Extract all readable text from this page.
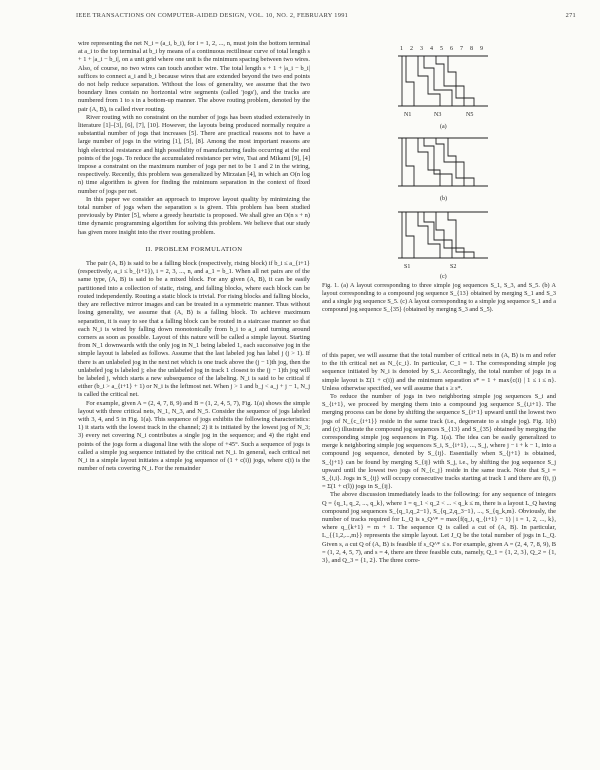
IEEE TRANSACTIONS ON COMPUTER-AIDED DESIGN, VOL. 10, NO. 2, FEBRUARY 1991	271

wire representing the net N_i = (a_i, b_i), for i = 1, 2, ..., n, must join the bottom terminal at a_i to the top terminal at b_i by means of a continuous rectilinear curve of total length s + 1 + |a_i − b_i|, on a unit grid where one unit is the minimum spacing between two wires. Also, of course, no two wires can touch another wire. The total length s + 1 + |a_i − b_i| suffices to connect a_i and b_i because wires that are extended beyond the two end points do not help reduce separation. Without the loss of generality, we assume that the two boundary lines contain no horizontal wire segments (called 'jogs'), and the tracks are numbered from 1 to s in a bottom-up manner. The above routing problem, denoted by the pair (A, B), is called river routing.

River routing with no constraint on the number of jogs has been studied extensively in literature [1]–[3], [6], [7], [10]. However, the layouts being produced normally require a substantial number of jogs that increases [5]. There are practical reasons not to have a large number of jogs in the wiring [1], [5], [8]. Among the most important reasons are high electrical resistance and high possibility of manufacturing faults occurring at the end points of the jogs. To reduce the accumulated resistance per wire, Tsai and Mikami [9], [4] impose a constraint on the maximum number of jogs per net to be 1 and 2 in the wiring, respectively. Recently, this problem was generalized by Mirzaian [4], in which an O(n log n) time algorithm is given for finding the minimum separation in the context of fixed number of jogs per net.

In this paper we consider an approach to improve layout quality by minimizing the total number of jogs when the separation s is given. This problem has been studied previously by Pinter [5], where a greedy heuristic is proposed. We shall give an O(n s + n) time dynamic programming algorithm for solving this problem. We believe that our study has given more insight into the river routing problem.

II. PROBLEM FORMULATION

The pair (A, B) is said to be a falling block (respectively, rising block) if b_i ≤ a_{i+1} (respectively, a_i ≤ b_{i+1}), i = 2, 3, ..., n, and a_1 = b_1. When all net pairs are of the same type, (A, B) is said to be a mixed block. For any given (A, B), it can be easily partitioned into a collection of static, rising, and falling blocks, where each block can be routed independently. Routing a static block is trivial. For rising blocks and falling blocks, they are reflective mirror images and can be treated in a symmetric manner. Thus without losing generality, we assume that (A, B) is a falling block. To achieve maximum separation, it is easy to see that a falling block can be routed in a staircase manner so that each N_i is wired by falling down monotonically from b_i to a_i and turning around corners as soon as possible. Layout of this nature will be called a simple layout. Starting from N_1 downwards with the only jog in N_1 being labeled 1, each successive jog in the simple layout is labeled as follows. Assume that the last labeled jog has label j (j > 1). If there is an unlabeled jog in the next net which is one track above the (j − 1)th jog, then the unlabeled jog is labeled j; else the unlabeled jog in track 1 closest to the (j − 1)th jog will be labeled j, which starts a new subsequence of the labeling. N_i is said to be critical if either (b_i > a_{i+1} + 1) or N_i is the leftmost net. When j > 1 and b_j < a_j + j − 1, N_j is called the critical net.

For example, given A = (2, 4, 7, 8, 9) and B = (1, 2, 4, 5, 7), Fig. 1(a) shows the simple layout with three critical nets, N_1, N_3, and N_5. Consider the sequence of jogs labeled with 3, 4, and 5 in Fig. 1(a). This sequence of jogs exhibits the following characteristics: 1) it starts with the lowest track in the channel; 2) it is initiated by the lowest jog of N_3; 3) every net covering N_i contributes a single jog in the sequence; and 4) the right end points of the jogs form a diagonal line with the slope of +45°. Such a sequence of jogs is called a simple jog sequence initiated by the critical net N_i. In general, each critical net N_i in a simple layout initiates a simple jog sequence of (1 + c(i)) jogs, where c(i) is the number of nets covering N_i. For the remainder

1 2 3 4 5 6 7 8 9
N1	N3	N5
(a)
(b)
S1	S2
(c)
Fig. 1. (a) A layout corresponding to three simple jog sequences S_1, S_3, and S_5. (b) A layout corresponding to a compound jog sequence S_{13} obtained by merging S_1 and S_3 and a single jog sequence S_5. (c) A layout corresponding to a simple jog sequence S_1 and a compound jog sequence S_{35} (obtained by merging S_3 and S_5).

of this paper, we will assume that the total number of critical nets in (A, B) is m and refer to the ith critical net as N_{c_i}. In particular, C_1 = 1. The corresponding simple jog sequence initiated by N_i is denoted by S_i. Accordingly, the total number of jogs in a simple layout is Σ(1 + c(i)) and the minimum separation s* = 1 + max{c(i) | 1 ≤ i ≤ n}. Unless otherwise specified, we will assume that s ≥ s*.

To reduce the number of jogs in two neighboring simple jog sequences S_i and S_{i+1}, we proceed by merging them into a compound jog sequence S_{i,i+1}. The merging process can be done by shifting the sequence S_{i+1} upward until the lowest two jogs of N_{c_{i+1}} reside in the same track (i.e., degenerate to a single jog). Fig. 1(b) and (c) illustrate the compound jog sequences S_{13} and S_{35} obtained by merging the corresponding simple jog sequences in Fig. 1(a). The idea can be easily generalized to merge k neighboring simple jog sequences S_i, S_{i+1}, ..., S_j, where j − i + k − 1, into a compound jog sequence, denoted by S_{ij}. Essentially when S_{j+1} is obtained, S_{j+1} can be found by merging S_{ij} with S_j, i.e., by shifting the jog sequence S_j upward until the lowest two jogs of N_{c_j} reside in the same track. Note that S_i = S_{i,i}. Jogs in S_{ij} will occupy consecutive tracks starting at track 1 and there are f(i, j) = Σ(1 + c(l)) jogs in S_{ij}.

The above discussion immediately leads to the following: for any sequence of integers Q = {q_1, q_2, ..., q_k}, where 1 = q_1 < q_2 < ... < q_k ≤ m, there is a layout L_Q having compound jog sequences S_{q_1,q_2−1}, S_{q_2,q_3−1}, ..., S_{q_k,m}. Obviously, the number of tracks required for L_Q is s_Q^* = max{f(q_i, q_{i+1} − 1) | i = 1, 2, ..., k}, where q_{k+1} = m + 1. The sequence Q is called a cut of (A, B). In particular, L_{{1,2,...,m}} represents the simple layout. Let J_Q be the total number of jogs in L_Q. Given s, a cut Q of (A, B) is feasible if s_Q^* ≤ s. For example, given A = (2, 4, 7, 8, 9), B = (1, 2, 4, 5, 7), and s = 4, there are three feasible cuts, namely, Q_1 = {1, 2, 3}, Q_2 = {1, 3}, and Q_3 = {1, 2}. The three corre-
